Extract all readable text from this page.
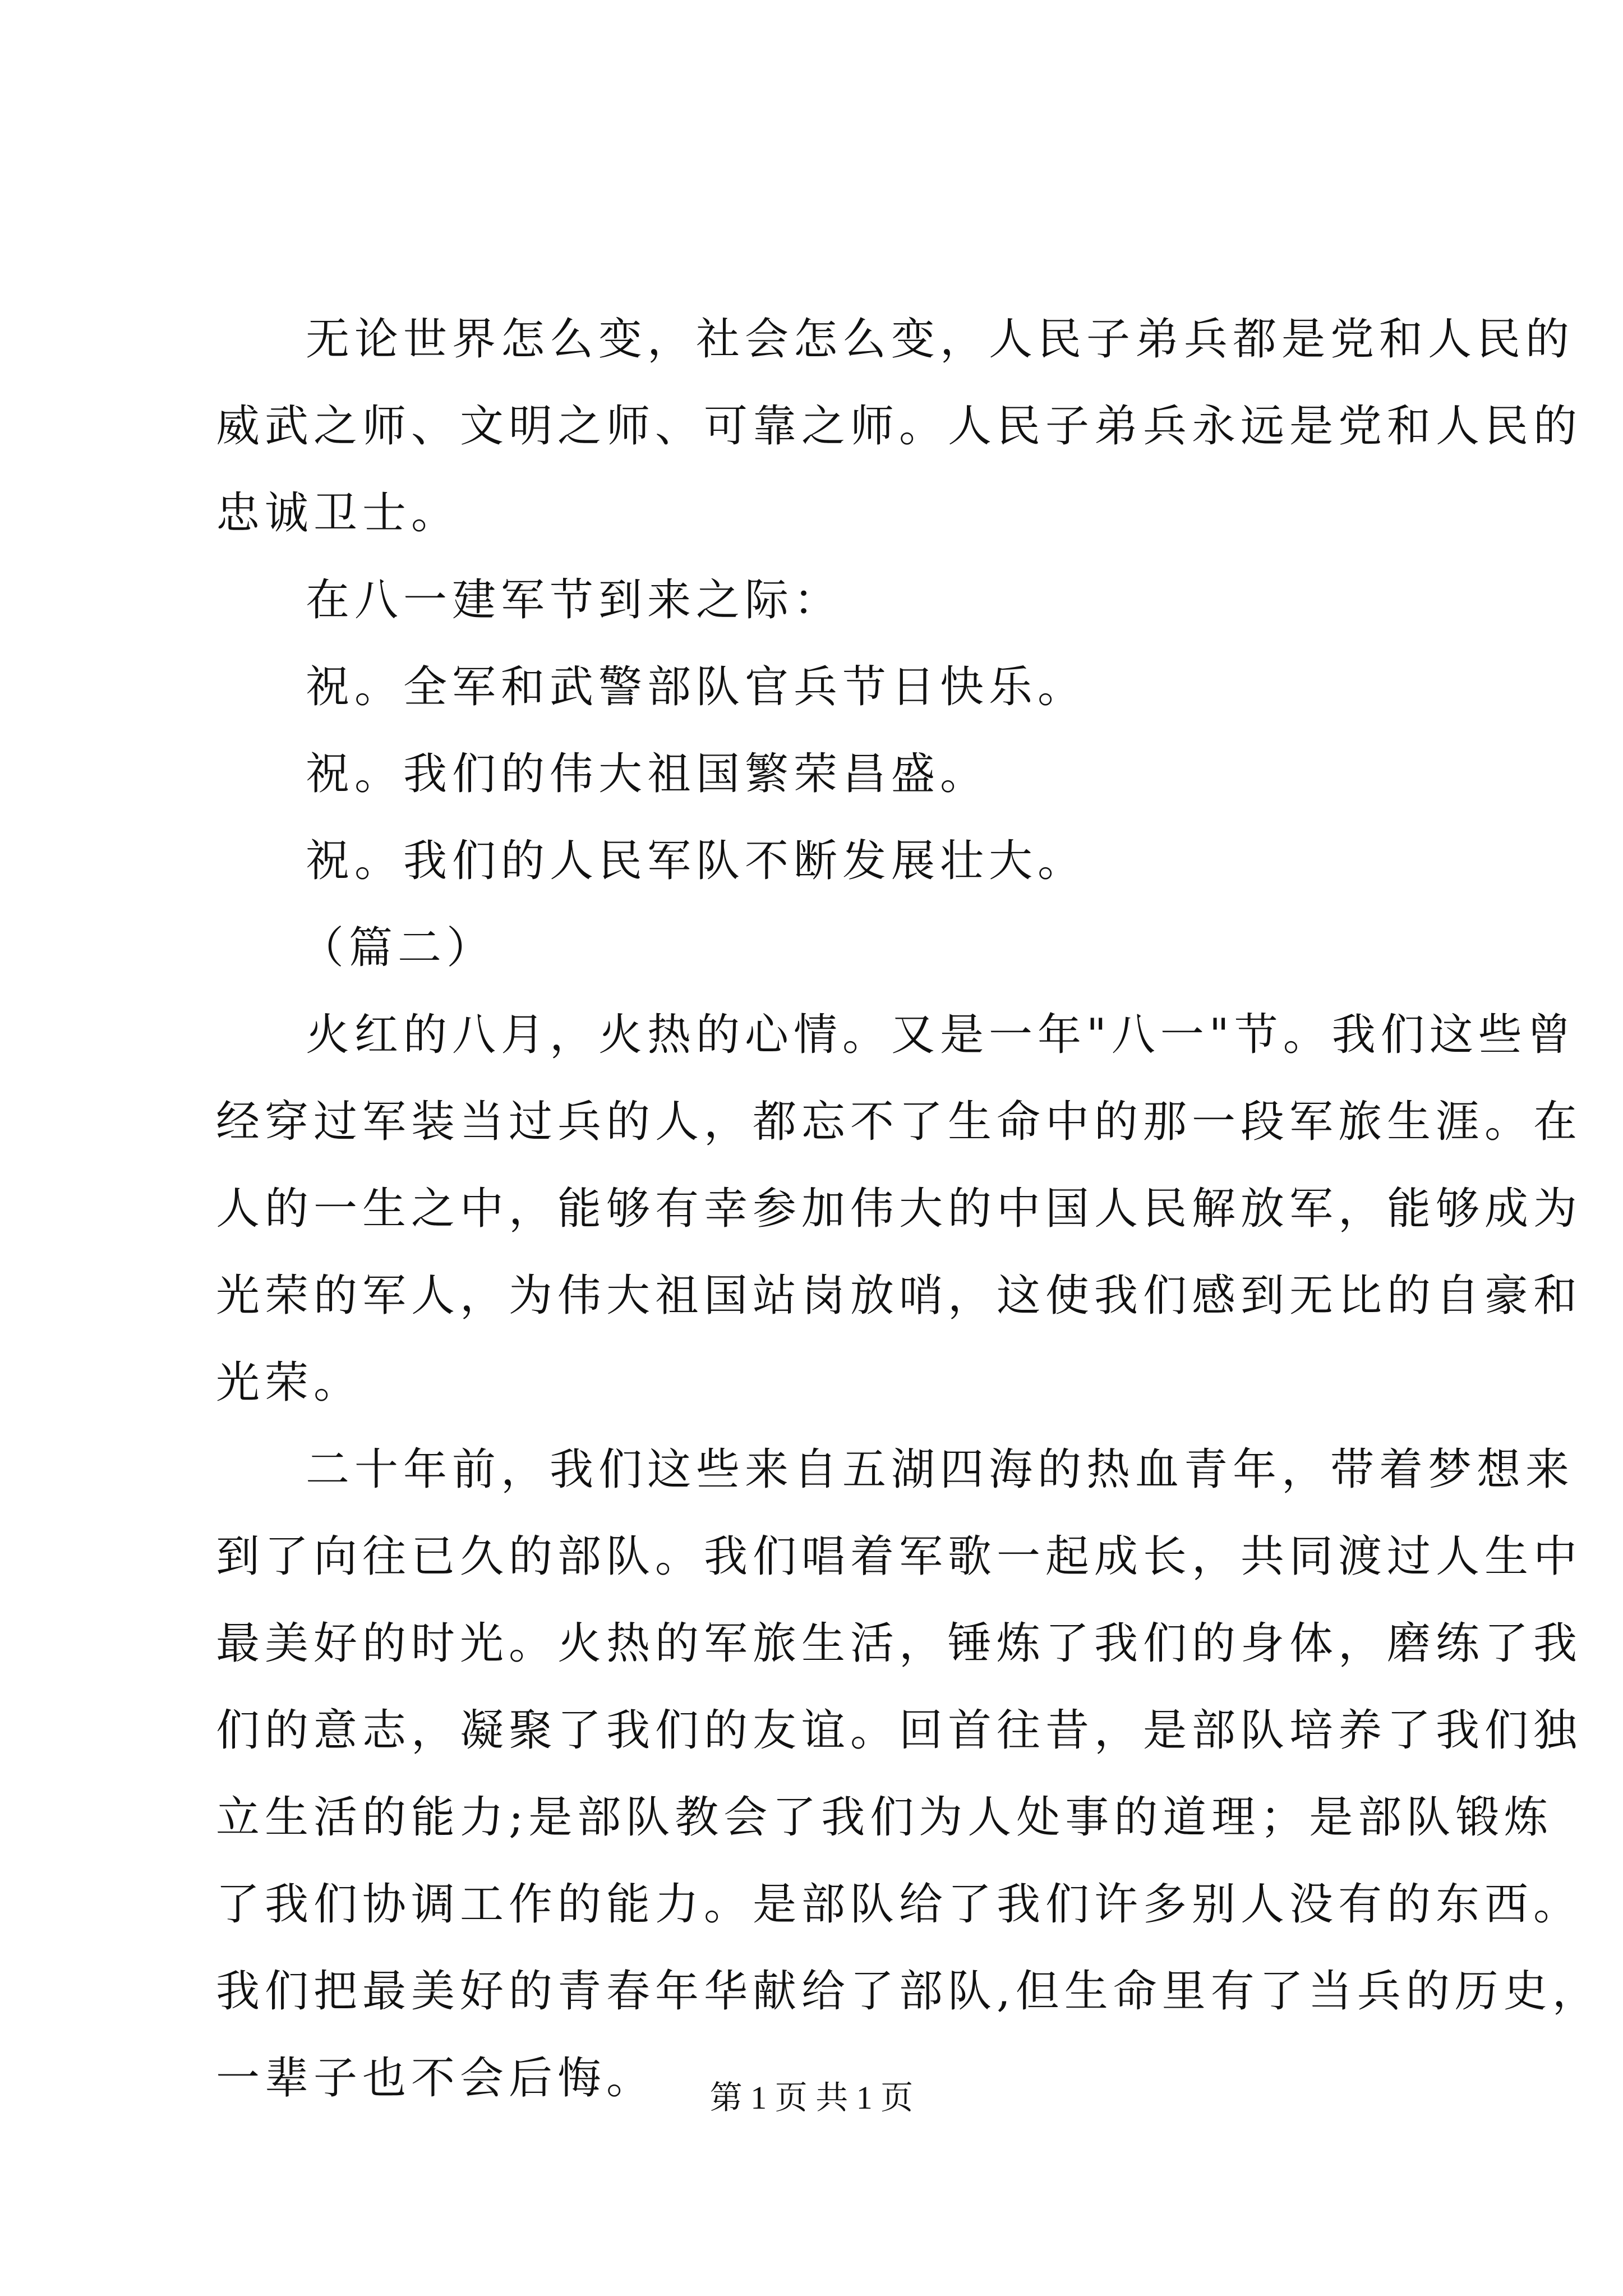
无论世界怎么变，社会怎么变，人民子弟兵都是党和人民的
威武之师、文明之师、可靠之师。人民子弟兵永远是党和人民的
忠诚卫士。
在八一建军节到来之际：
祝。全军和武警部队官兵节日快乐。
祝。我们的伟大祖国繁荣昌盛。
祝。我们的人民军队不断发展壮大。
（篇二）
火红的八月，火热的心情。又是一年"八一"节。我们这些曾
经穿过军装当过兵的人，都忘不了生命中的那一段军旅生涯。在
人的一生之中，能够有幸参加伟大的中国人民解放军，能够成为
光荣的军人，为伟大祖国站岗放哨，这使我们感到无比的自豪和
光荣。
二十年前，我们这些来自五湖四海的热血青年，带着梦想来
到了向往已久的部队。我们唱着军歌一起成长，共同渡过人生中
最美好的时光。火热的军旅生活，锤炼了我们的身体，磨练了我
们的意志，凝聚了我们的友谊。回首往昔，是部队培养了我们独
立生活的能力;是部队教会了我们为人处事的道理；是部队锻炼
了我们协调工作的能力。是部队给了我们许多别人没有的东西。
我们把最美好的青春年华献给了部队,但生命里有了当兵的历史，
一辈子也不会后悔。	第 1 页 共 1 页
